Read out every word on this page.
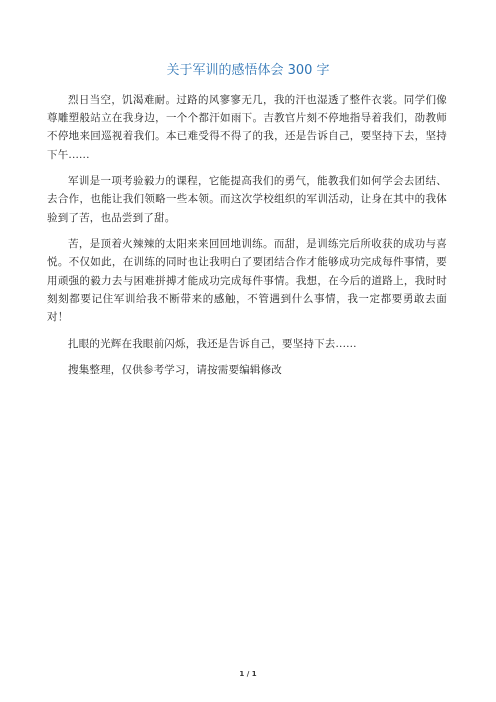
关于军训的感悟体会 300 字

烈日当空，饥渴难耐。过路的风寥寥无几，我的汗也湿透了整件衣裳。同学们像尊雕塑般站立在我身边，一个个都汗如雨下。吉教官片刻不停地指导着我们，劭教师不停地来回巡视着我们。本已难受得不得了的我，还是告诉自己，要坚持下去，坚持下午......

军训是一项考验毅力的课程，它能提高我们的勇气，能教我们如何学会去团结、去合作，也能让我们领略一些本领。而这次学校组织的军训活动，让身在其中的我体验到了苦，也品尝到了甜。

苦，是顶着火辣辣的太阳来来回回地训练。而甜，是训练完后所收获的成功与喜悦。不仅如此，在训练的同时也让我明白了要团结合作才能够成功完成每件事情，要用顽强的毅力去与困难拼搏才能成功完成每件事情。我想，在今后的道路上，我时时刻刻都要记住军训给我不断带来的感触，不管遇到什么事情，我一定都要勇敢去面对！

扎眼的光辉在我眼前闪烁，我还是告诉自己，要坚持下去......

搜集整理，仅供参考学习，请按需要编辑修改

1 / 1
